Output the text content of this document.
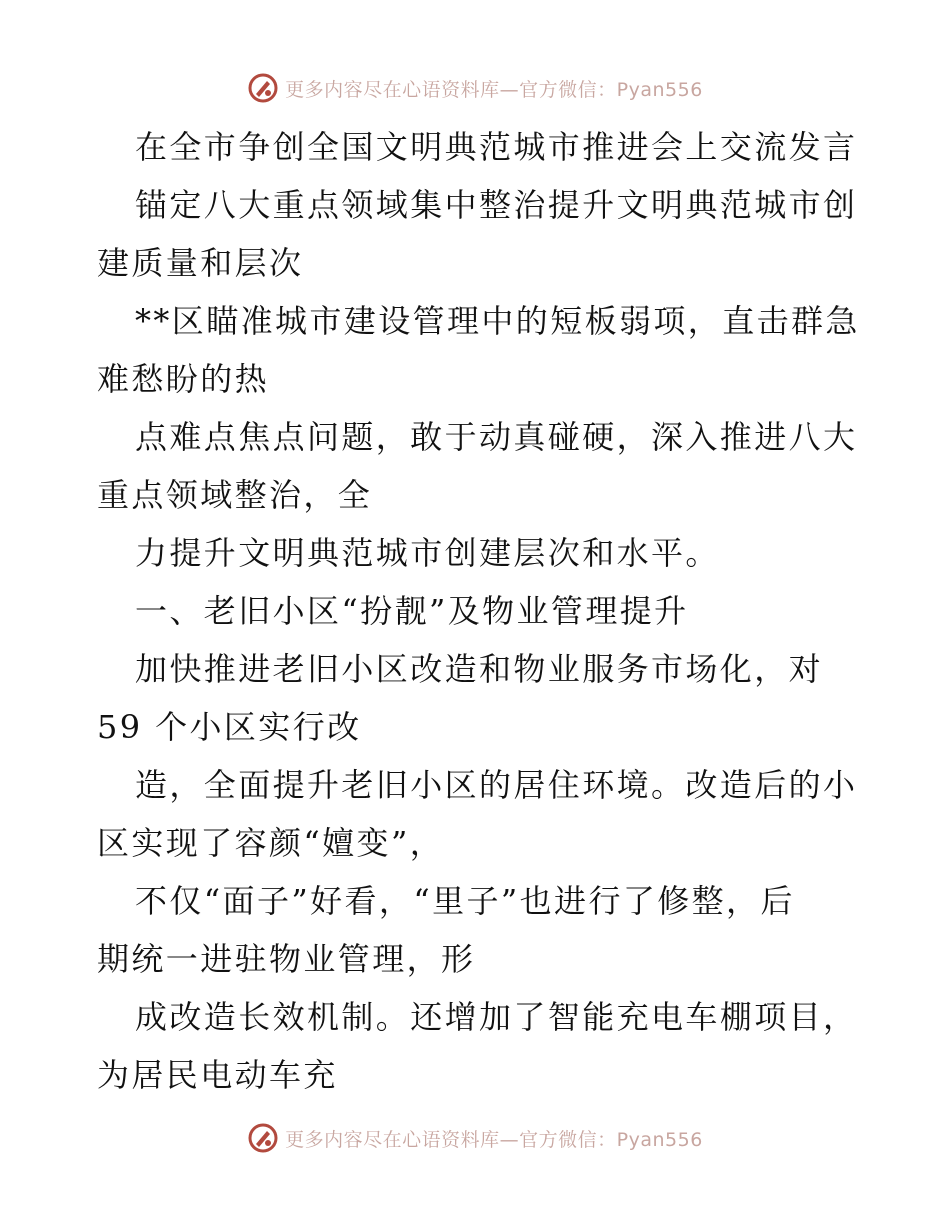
更多内容尽在心语资料库—官方微信：Pyan556
在全市争创全国文明典范城市推进会上交流发言
锚定八大重点领域集中整治提升文明典范城市创
建质量和层次
**区瞄准城市建设管理中的短板弱项，直击群急
难愁盼的热
点难点焦点问题，敢于动真碰硬，深入推进八大
重点领域整治，全
力提升文明典范城市创建层次和水平。
一、老旧小区“扮靓”及物业管理提升
加快推进老旧小区改造和物业服务市场化，对
59 个小区实行改
造，全面提升老旧小区的居住环境。改造后的小
区实现了容颜“嬗变”，
不仅“面子”好看，“里子”也进行了修整，后
期统一进驻物业管理，形
成改造长效机制。还增加了智能充电车棚项目，
为居民电动车充
更多内容尽在心语资料库—官方微信：Pyan556
